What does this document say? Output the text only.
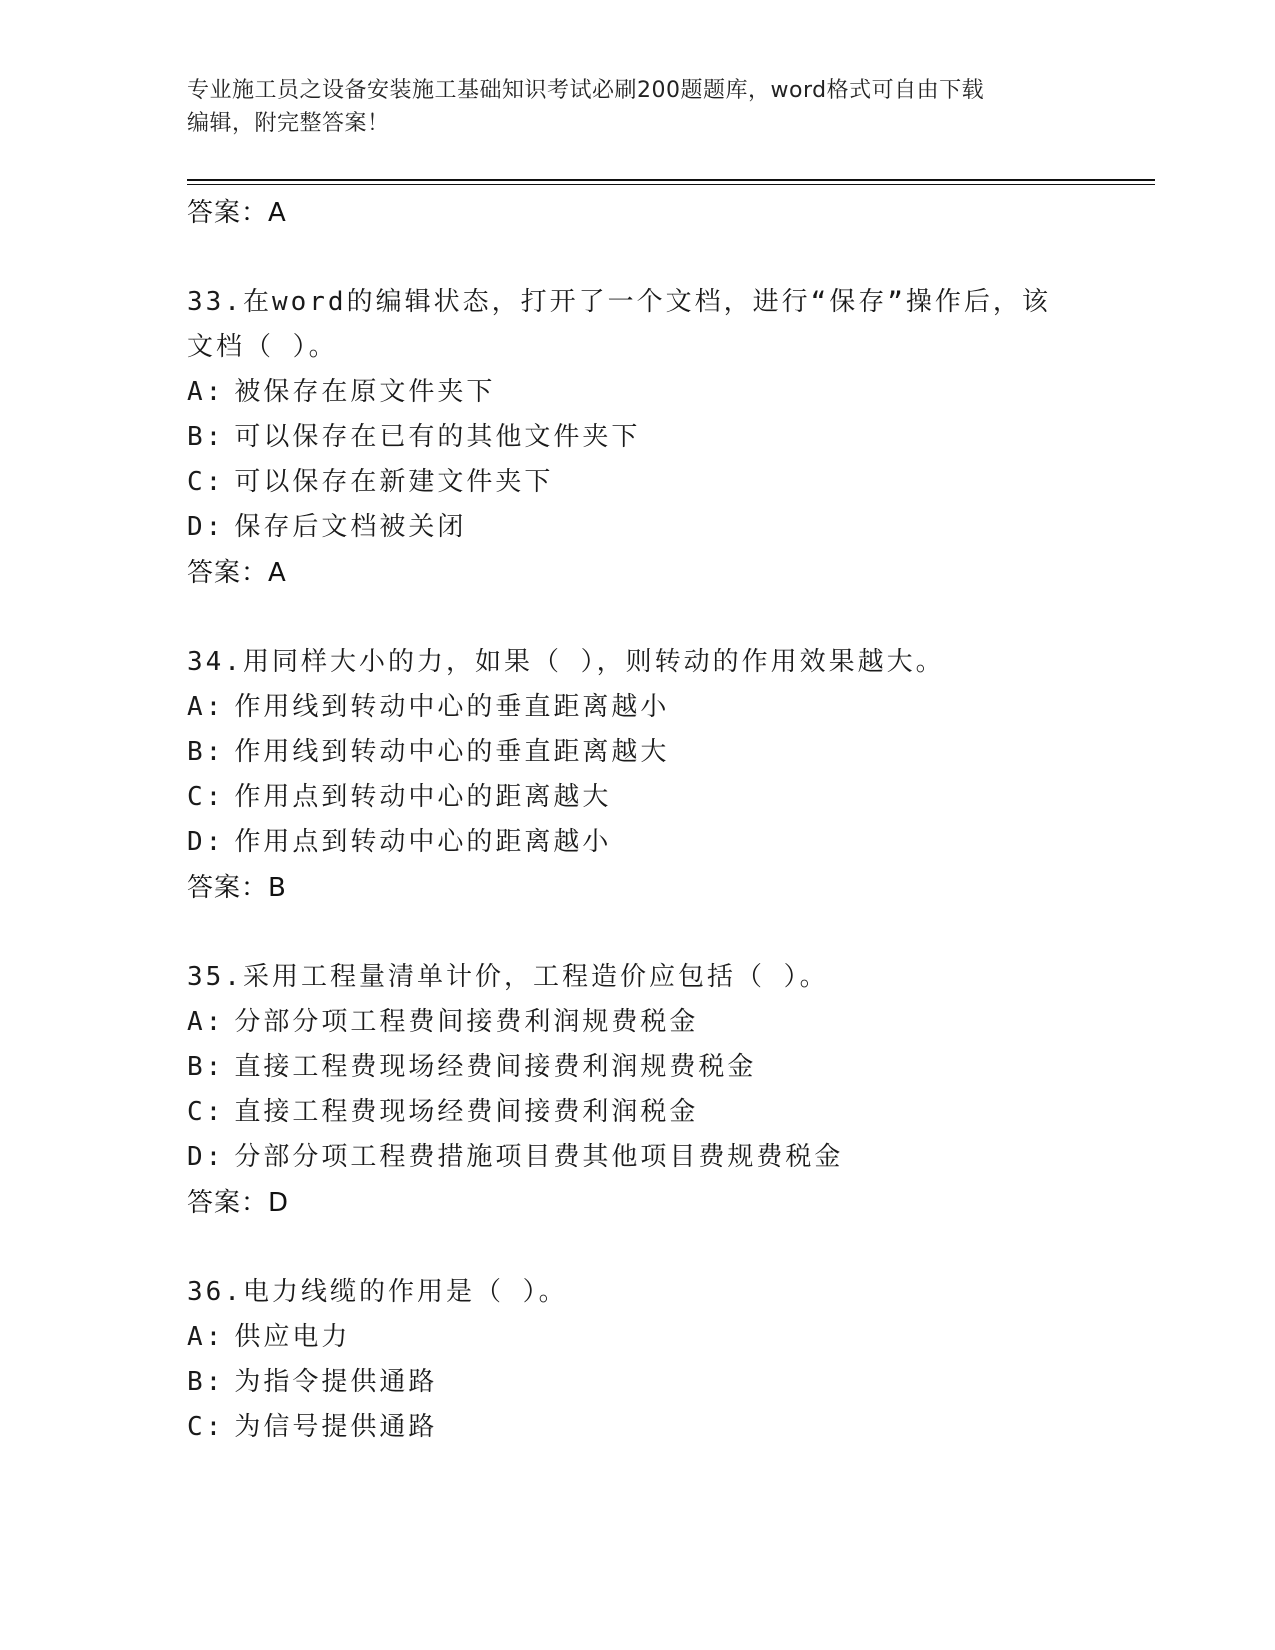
专业施工员之设备安装施工基础知识考试必刷200题题库，word格式可自由下载
编辑，附完整答案！
答案：A
33.在word的编辑状态，打开了一个文档，进行“保存”操作后，该
文档（ ）。
A: 被保存在原文件夹下
B: 可以保存在已有的其他文件夹下
C: 可以保存在新建文件夹下
D: 保存后文档被关闭
答案：A
34.用同样大小的力，如果（ ），则转动的作用效果越大。
A: 作用线到转动中心的垂直距离越小
B: 作用线到转动中心的垂直距离越大
C: 作用点到转动中心的距离越大
D: 作用点到转动中心的距离越小
答案：B
35.采用工程量清单计价，工程造价应包括（ ）。
A: 分部分项工程费间接费利润规费税金
B: 直接工程费现场经费间接费利润规费税金
C: 直接工程费现场经费间接费利润税金
D: 分部分项工程费措施项目费其他项目费规费税金
答案：D
36.电力线缆的作用是（ ）。
A: 供应电力
B: 为指令提供通路
C: 为信号提供通路
